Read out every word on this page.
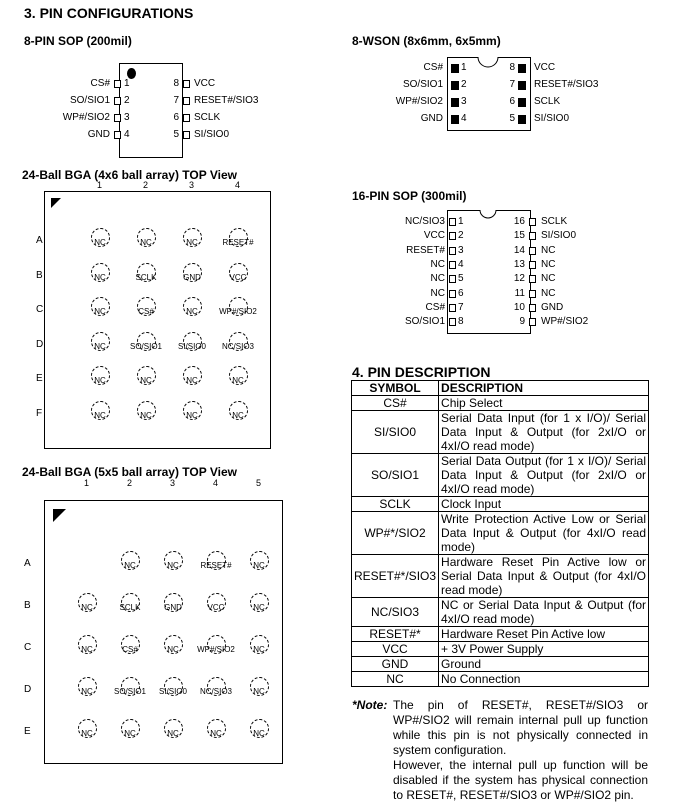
3. PIN CONFIGURATIONS
8-PIN SOP (200mil)
1
CS#
2
SO/SIO1
3
WP#/SIO2
4
GND
8 VCC
7 RESET#/SIO3
6 SCLK
5 SI/SIO0
8-WSON (8x6mm, 6x5mm)
1
CS#
2
SO/SIO1
3
WP#/SIO2
4
GND
8 VCC
7 RESET#/SIO3
6 SCLK
5 SI/SIO0
24-Ball BGA (4x6 ball array) TOP View
1	2	3	4
A	NC	NC	NC	RESET#
B	NC	SCLK	GND	VCC
C	NC	CS#	NC	WP#/SIO2
D	NC	SO/SIO1	SI/SIO0	NC/SIO3
E	NC	NC	NC	NC
F	NC	NC	NC	NC
16-PIN SOP (300mil)
1
NC/SIO3
2
VCC
3
RESET#
4
NC
5
NC
6
NC
7
CS#
8
SO/SIO1
16 SCLK
15 SI/SIO0
14 NC
13 NC
12 NC
11 NC
10 GND
9 WP#/SIO2
24-Ball BGA (5x5 ball array) TOP View
1	2	3	4	5
A	NC	NC	RESET#	NC
B	NC	SCLK	GND	VCC	NC
C	NC	CS#	NC	WP#/SIO2	NC
D	NC	SO/SIO1	SI/SIO0	NC/SIO3	NC
E	NC	NC	NC	NC	NC
4. PIN DESCRIPTION
SYMBOL	DESCRIPTION
CS#	Chip Select
SI/SIO0	Serial Data Input (for 1 x I/O)/ Serial Data Input & Output (for 2xI/O or 4xI/O read mode)
SO/SIO1	Serial Data Output (for 1 x I/O)/ Serial Data Input & Output (for 2xI/O or 4xI/O read mode)
SCLK	Clock Input
WP#*/SIO2	Write Protection Active Low or Serial Data Input & Output (for 4xI/O read mode)
RESET#*/SIO3	Hardware Reset Pin Active low or Serial Data Input & Output (for 4xI/O read mode)
NC/SIO3	NC or Serial Data Input & Output (for 4xI/O read mode)
RESET#*	Hardware Reset Pin Active low
VCC	+ 3V Power Supply
GND	Ground
NC	No Connection
*Note: The pin of RESET#, RESET#/SIO3 or WP#/SIO2 will remain internal pull up function while this pin is not physically connected in system configuration.
However, the internal pull up function will be disabled if the system has physical connection to RESET#, RESET#/SIO3 or WP#/SIO2 pin.
